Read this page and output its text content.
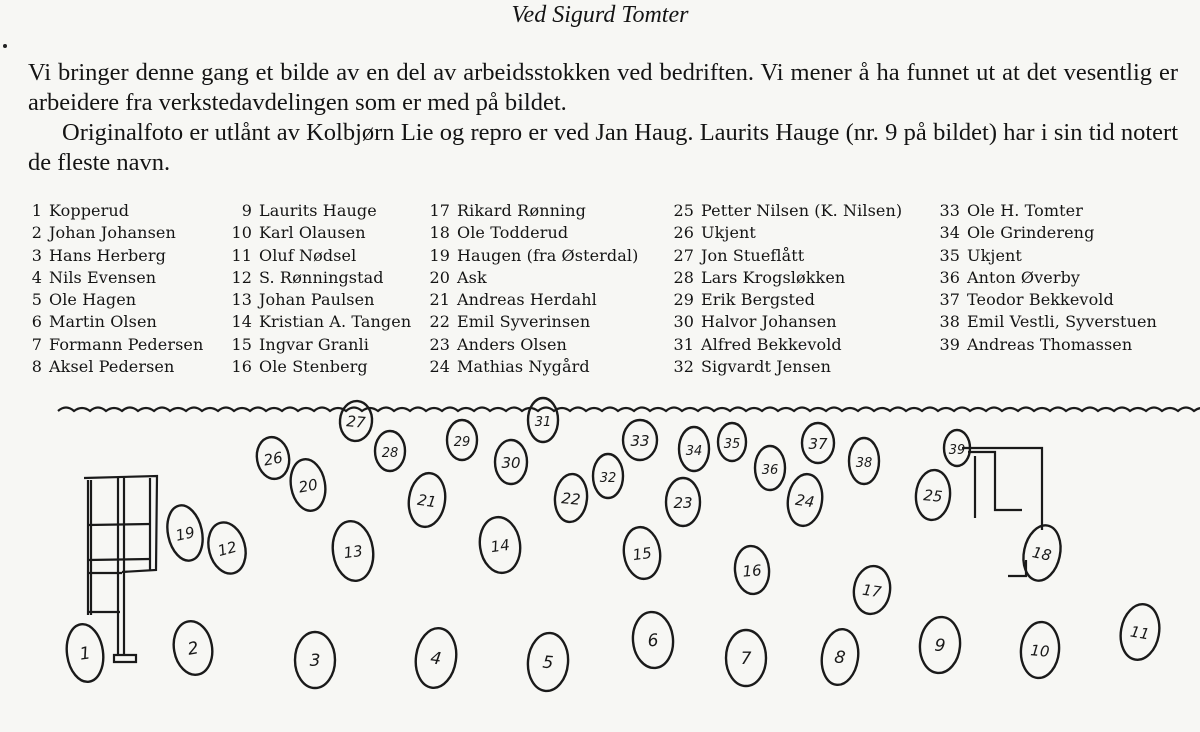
Ved Sigurd Tomter

Vi bringer denne gang et bilde av en del av arbeidsstokken ved bedriften. Vi mener å ha funnet ut at det vesentlig er arbeidere fra verkstedavdelingen som er med på bildet.

Originalfoto er utlånt av Kolbjørn Lie og repro er ved Jan Haug. Laurits Hauge (nr. 9 på bildet) har i sin tid notert de fleste navn.

1 Kopperud
2 Johan Johansen
3 Hans Herberg
4 Nils Evensen
5 Ole Hagen
6 Martin Olsen
7 Formann Pedersen
8 Aksel Pedersen
9 Laurits Hauge
10 Karl Olausen
11 Oluf Nødsel
12 S. Rønningstad
13 Johan Paulsen
14 Kristian A. Tangen
15 Ingvar Granli
16 Ole Stenberg
17 Rikard Rønning
18 Ole Todderud
19 Haugen (fra Østerdal)
20 Ask
21 Andreas Herdahl
22 Emil Syverinsen
23 Anders Olsen
24 Mathias Nygård
25 Petter Nilsen (K. Nilsen)
26 Ukjent
27 Jon Stueflått
28 Lars Krogsløkken
29 Erik Bergsted
30 Halvor Johansen
31 Alfred Bekkevold
32 Sigvardt Jensen
33 Ole H. Tomter
34 Ole Grindereng
35 Ukjent
36 Anton Øverby
37 Teodor Bekkevold
38 Emil Vestli, Syverstuen
39 Andreas Thomassen
1	2
3	4	5
6
7	8
9	10
11
12	13	14	15
16
17
18
19
20
21	22	23	24	25
26
27
28
29
30
31
32
33
34 35
36
37
38
39
